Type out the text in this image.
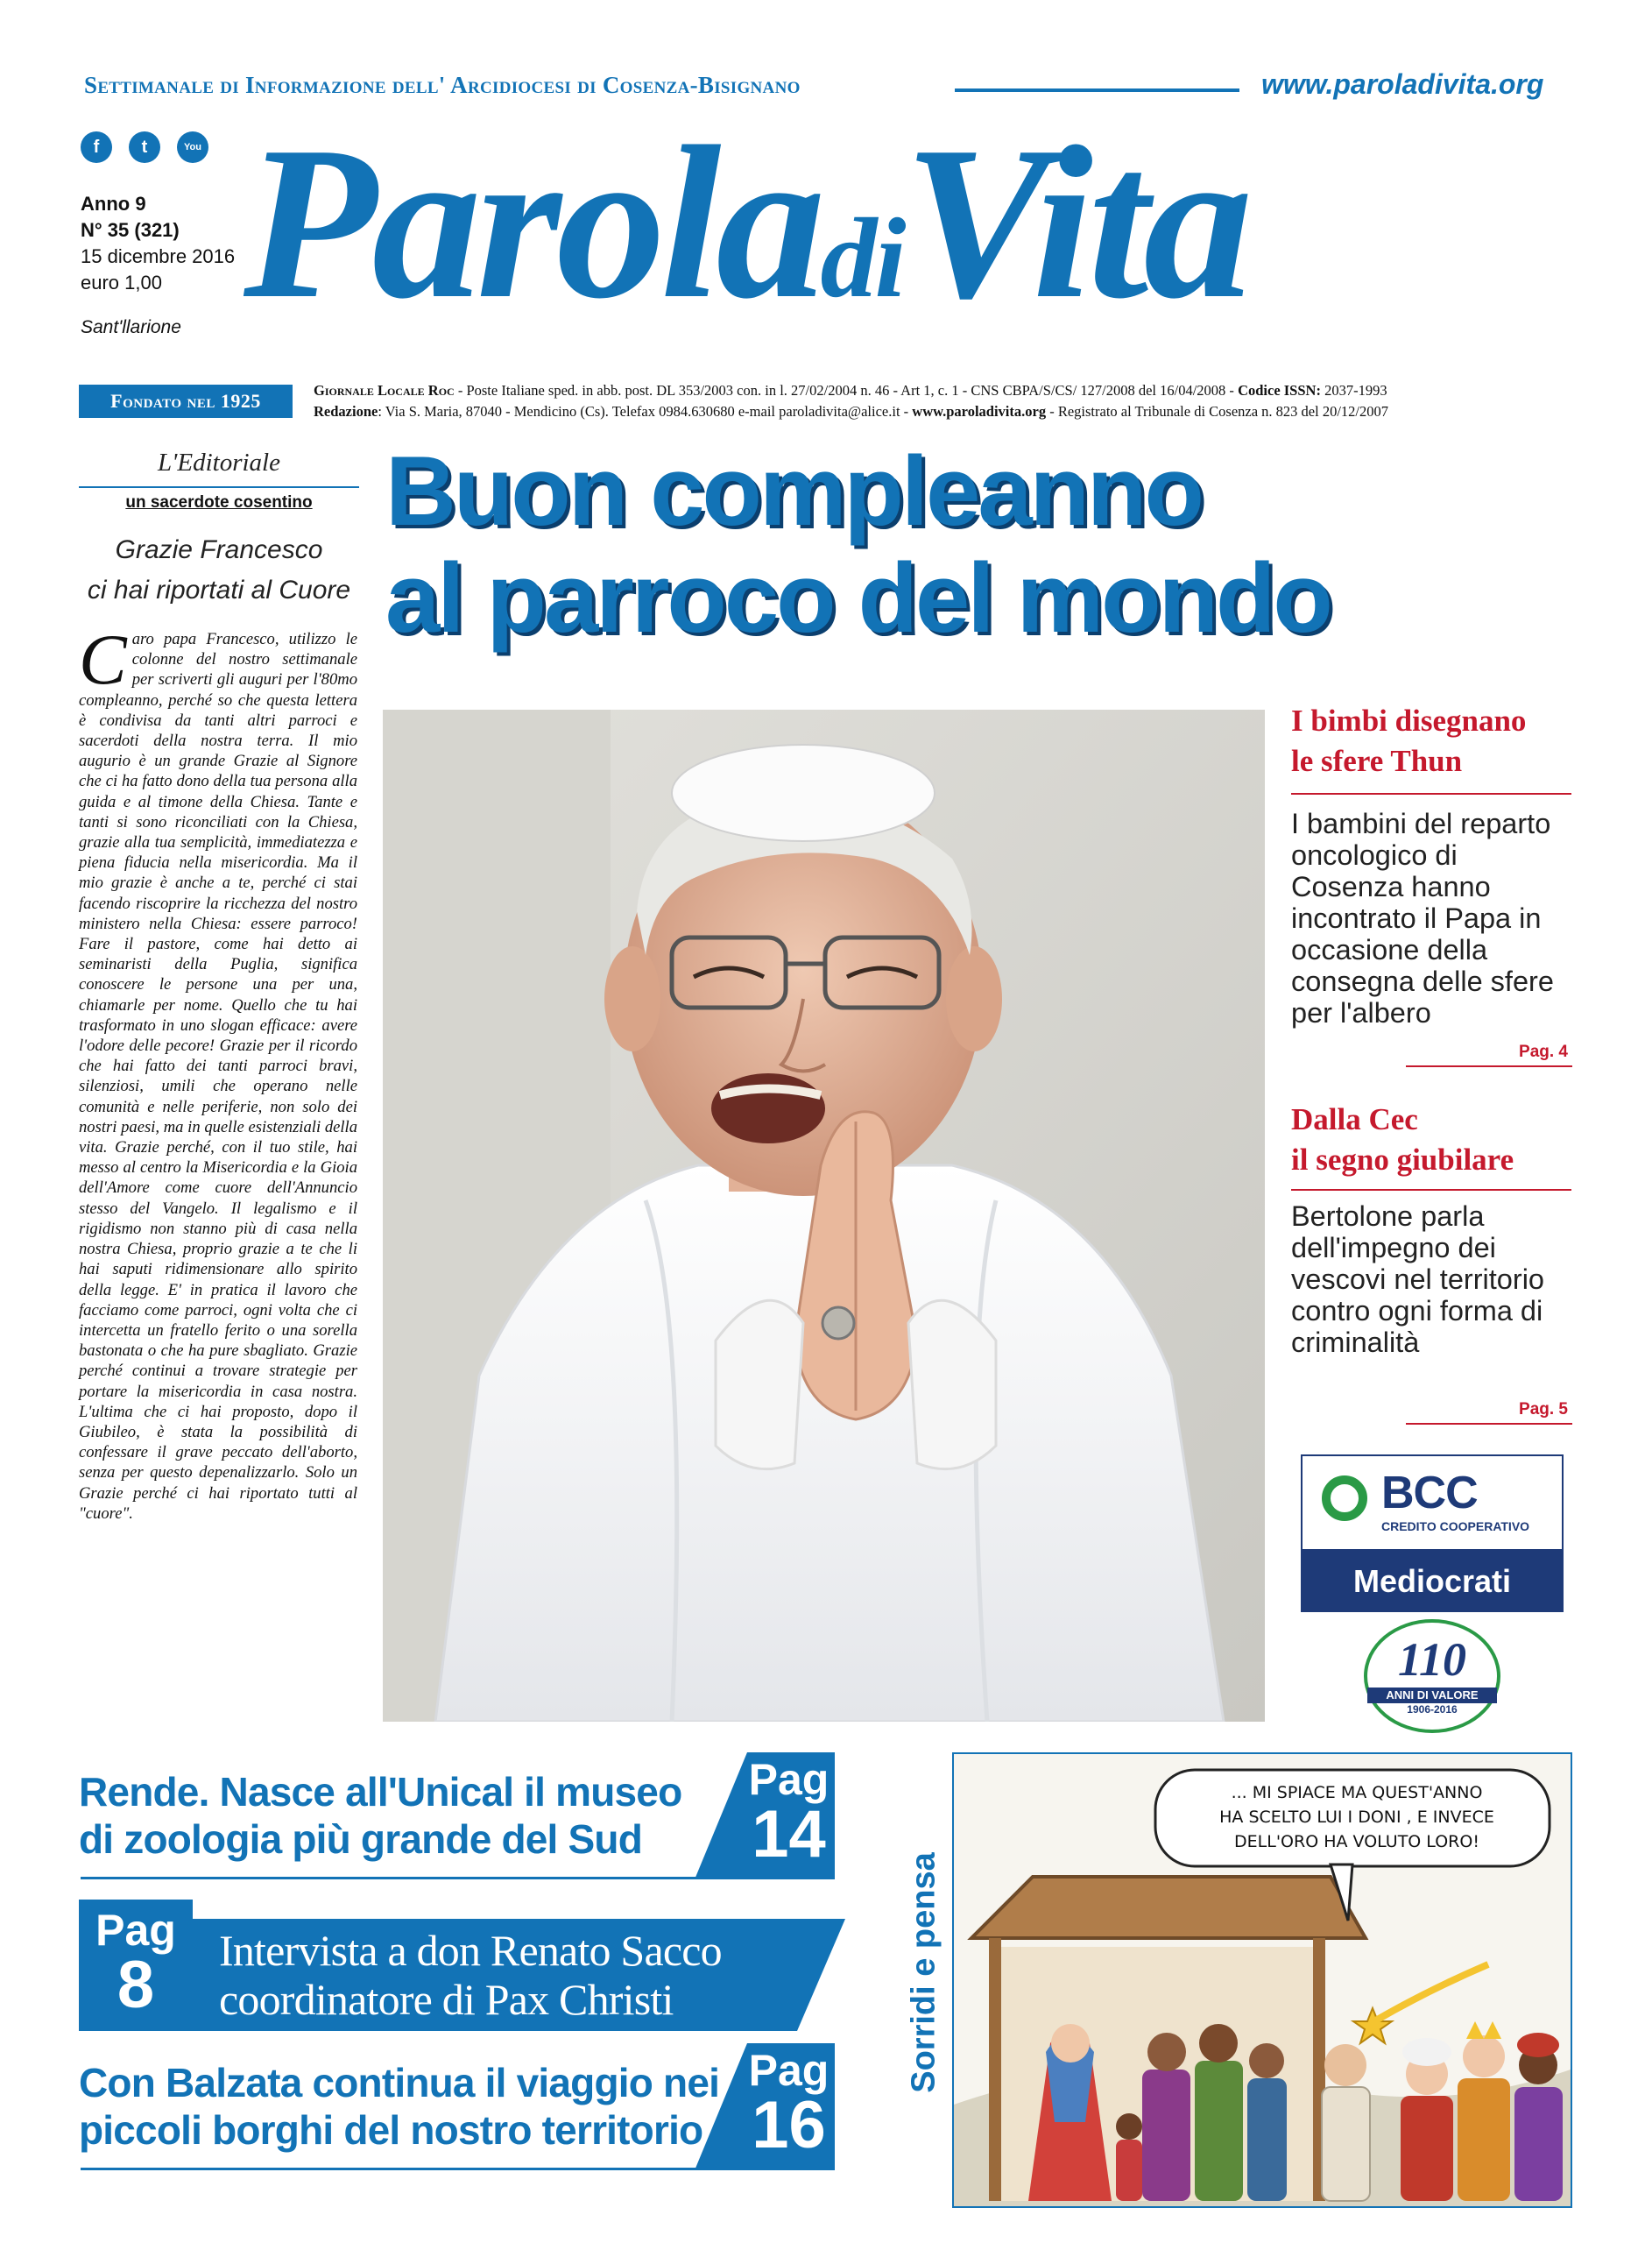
Settimanale di Informazione dell' Arcidiocesi di Cosenza-Bisignano	www.paroladivita.org
f	t	You
Anno 9
N° 35 (321)
15 dicembre 2016
euro 1,00
Sant'llarione ParoladiVita
Fondato nel 1925	Giornale Locale Roc - Poste Italiane sped. in abb. post. DL 353/2003 con. in l. 27/02/2004 n. 46 - Art 1, c. 1 - CNS CBPA/S/CS/ 127/2008 del 16/04/2008 - Codice ISSN: 2037-1993
Redazione: Via S. Maria, 87040 - Mendicino (Cs). Telefax 0984.630680 e-mail paroladivita@alice.it - www.paroladivita.org - Registrato al Tribunale di Cosenza n. 823 del 20/12/2007
L'Editoriale
un sacerdote cosentino
Grazie Francesco
ci hai riportati al Cuore
Caro papa Francesco, utilizzo le colonne del nostro settimanale per scriverti gli auguri per l'80mo compleanno, perché so che questa lettera è condivisa da tanti altri parroci e sacerdoti della nostra terra. Il mio augurio è un grande Grazie al Signore che ci ha fatto dono della tua persona alla guida e al timone della Chiesa. Tante e tanti si sono riconciliati con la Chiesa, grazie alla tua semplicità, immediatezza e piena fiducia nella misericordia. Ma il mio grazie è anche a te, perché ci stai facendo riscoprire la ricchezza del nostro ministero nella Chiesa: essere parroco! Fare il pastore, come hai detto ai seminaristi della Puglia, significa conoscere le persone una per una, chiamarle per nome. Quello che tu hai trasformato in uno slogan efficace: avere l'odore delle pecore! Grazie per il ricordo che hai fatto dei tanti parroci bravi, silenziosi, umili che operano nelle comunità e nelle periferie, non solo dei nostri paesi, ma in quelle esistenziali della vita. Grazie perché, con il tuo stile, hai messo al centro la Misericordia e la Gioia dell'Amore come cuore dell'Annuncio stesso del Vangelo. Il legalismo e il rigidismo non stanno più di casa nella nostra Chiesa, proprio grazie a te che li hai saputi ridimensionare allo spirito della legge. E' in pratica il lavoro che facciamo come parroci, ogni volta che ci intercetta un fratello ferito o una sorella bastonata o che ha pure sbagliato. Grazie perché continui a trovare strategie per portare la misericordia in casa nostra. L'ultima che ci hai proposto, dopo il Giubileo, è stata la possibilità di confessare il grave peccato dell'aborto, senza per questo depenalizzarlo. Solo un Grazie perché ci hai riportato tutti al "cuore".
Buon compleanno
al parroco del mondo
I bimbi disegnano
le sfere Thun
I bambini del reparto oncologico di Cosenza hanno incontrato il Papa in occasione della consegna delle sfere per l'albero
Pag. 4
Dalla Cec
il segno giubilare
Bertolone parla dell'impegno dei vescovi nel territorio contro ogni forma di criminalità
Pag. 5
BCC
CREDITO COOPERATIVO
Mediocrati
110
ANNI DI VALORE
1906-2016
Rende. Nasce all'Unical il museo
di zoologia più grande del Sud
Pag
14
Pag
8	Intervista a don Renato Sacco
coordinatore di Pax Christi
Con Balzata continua il viaggio nei
piccoli borghi del nostro territorio
Pag
16
Sorridi e pensa
... MI SPIACE MA QUEST'ANNO
HA SCELTO LUI I DONI , E INVECE
DELL'ORO HA VOLUTO LORO!
